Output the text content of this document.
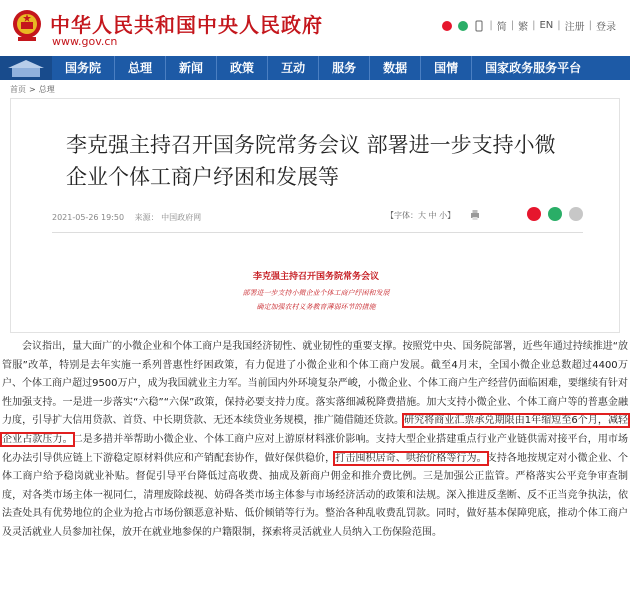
中华人民共和国中央人民政府
www.gov.cn
| 简 | 繁 | EN | 注册 | 登录
国务院	总理	新闻	政策	互动	服务	数据	国情	国家政务服务平台
首页 > 总理
李克强主持召开国务院常务会议 部署进一步支持小微企业个体工商户纾困和发展等
2021-05-26 19:50 来源： 中国政府网	【字体：大 中 小】
李克强主持召开国务院常务会议
部署进一步支持小微企业个体工商户纾困和发展
确定加强农村义务教育薄弱环节的措施

会议指出，量大面广的小微企业和个体工商户是我国经济韧性、就业韧性的重要支撑。按照党中央、国务院部署，近些年通过持续推进“放管服”改革，特别是去年实施一系列普惠性纾困政策，有力促进了小微企业和个体工商户发展。截至4月末，全国小微企业总数超过4400万户、个体工商户超过9500万户，成为我国就业主力军。当前国内外环境复杂严峻，小微企业、个体工商户生产经营仍面临困难，要继续有针对性加强支持。一是进一步落实“六稳”“六保”政策，保持必要支持力度。落实落细减税降费措施。加大支持小微企业、个体工商户等的普惠金融力度，引导扩大信用贷款、首贷、中长期贷款、无还本续贷业务规模，推广随借随还贷款。研究将商业汇票承兑期限由1年缩短至6个月，减轻企业占款压力。二是多措并举帮助小微企业、个体工商户应对上游原材料涨价影响。支持大型企业搭建重点行业产业链供需对接平台，用市场化办法引导供应链上下游稳定原材料供应和产销配套协作，做好保供稳价，打击囤积居奇、哄抬价格等行为。支持各地按规定对小微企业、个体工商户给予稳岗就业补贴。督促引导平台降低过高收费、抽成及新商户佣金和推介费比例。三是加强公正监管。严格落实公平竞争审查制度，对各类市场主体一视同仁，清理废除歧视、妨碍各类市场主体参与市场经济活动的政策和法规。深入推进反垄断、反不正当竞争执法，依法查处具有优势地位的企业为抢占市场份额恶意补贴、低价倾销等行为。整治各种乱收费乱罚款。同时，做好基本保障兜底，推动个体工商户及灵活就业人员参加社保，放开在就业地参保的户籍限制，探索将灵活就业人员纳入工伤保险范围。
